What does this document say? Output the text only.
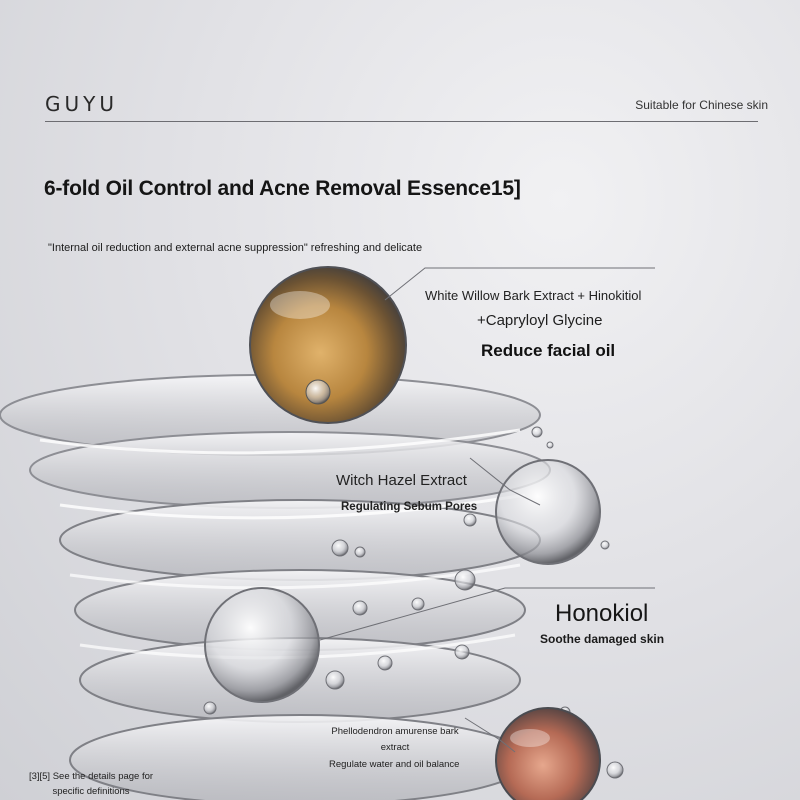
GUYU	Suitable for Chinese skin
6-fold Oil Control and Acne Removal Essence15]
"Internal oil reduction and external acne suppression" refreshing and delicate
White Willow Bark Extract + Hinokitiol
+Capryloyl Glycine
Reduce facial oil
Witch Hazel Extract
Regulating Sebum Pores
Honokiol
Soothe damaged skin
Phellodendron amurense bark extract
Regulate water and oil balance
[3][5] See the details page for specific definitions
